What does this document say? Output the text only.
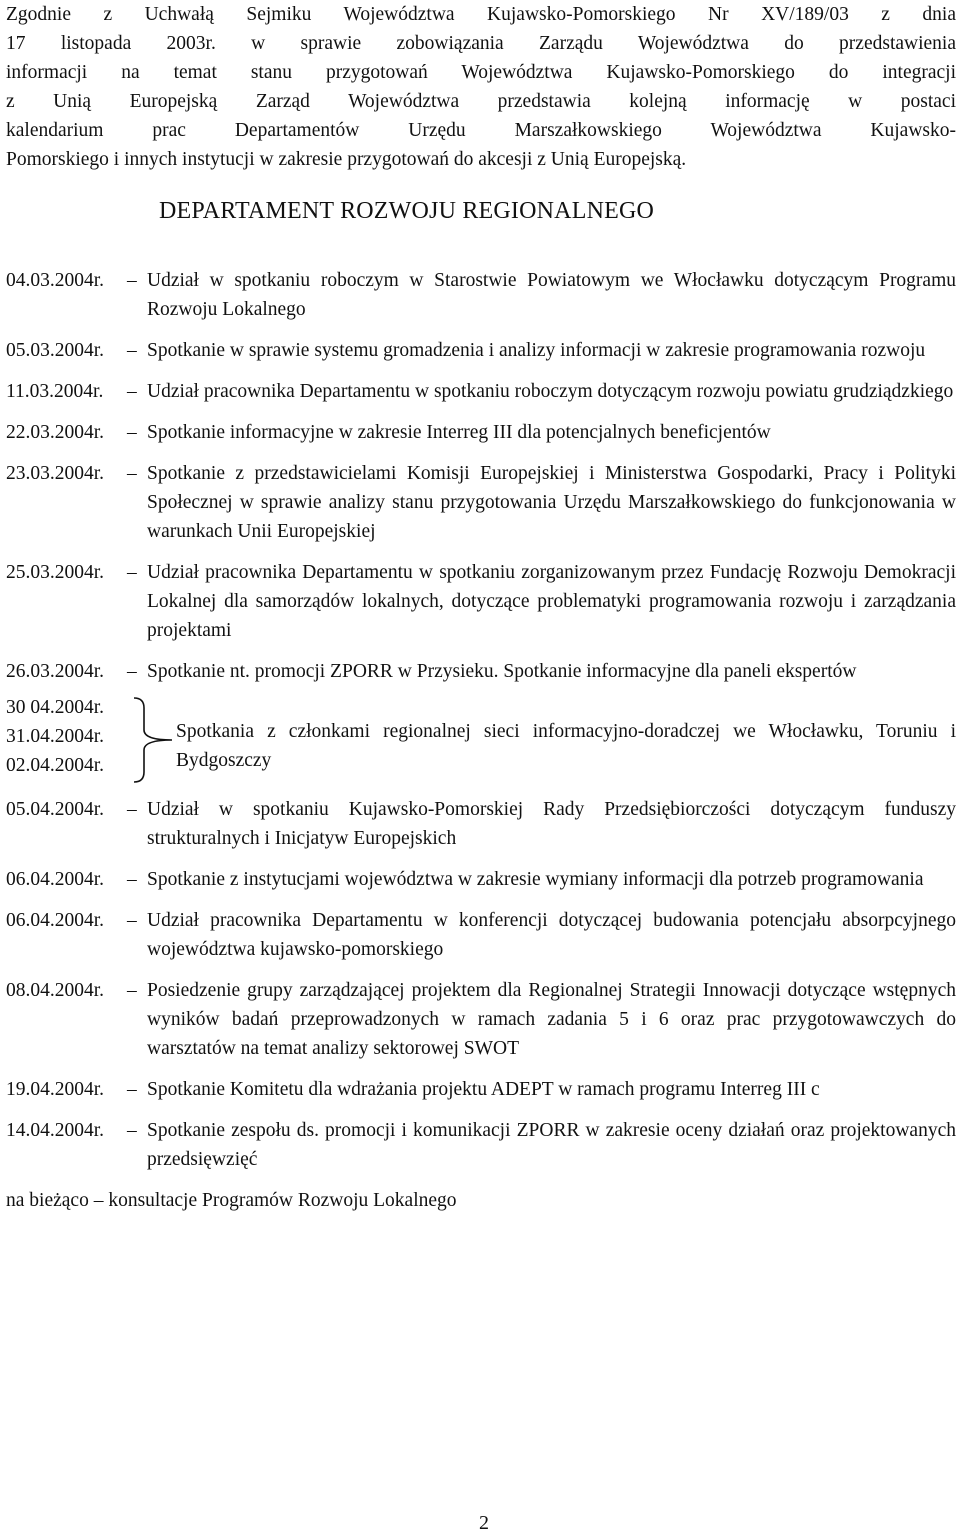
Zgodnie z Uchwałą Sejmiku Województwa Kujawsko-Pomorskiego Nr XV/189/03 z dnia
17 listopada 2003r. w sprawie zobowiązania Zarządu Województwa do przedstawienia
informacji na temat stanu przygotowań Województwa Kujawsko-Pomorskiego do integracji
z Unią Europejską Zarząd Województwa przedstawia kolejną informację w postaci
kalendarium prac Departamentów Urzędu Marszałkowskiego Województwa Kujawsko-
Pomorskiego i innych instytucji w zakresie przygotowań do akcesji z Unią Europejską.
DEPARTAMENT ROZWOJU REGIONALNEGO
04.03.2004r. – Udział w spotkaniu roboczym w Starostwie Powiatowym we Włocławku dotyczącym Programu Rozwoju Lokalnego
05.03.2004r. – Spotkanie w sprawie systemu gromadzenia i analizy informacji w zakresie programowania rozwoju
11.03.2004r. – Udział pracownika Departamentu w spotkaniu roboczym dotyczącym rozwoju powiatu grudziądzkiego
22.03.2004r. – Spotkanie informacyjne w zakresie Interreg III dla potencjalnych beneficjentów
23.03.2004r. – Spotkanie z przedstawicielami Komisji Europejskiej i Ministerstwa Gospodarki, Pracy i Polityki Społecznej w sprawie analizy stanu przygotowania Urzędu Marszałkowskiego do funkcjonowania w warunkach Unii Europejskiej
25.03.2004r. – Udział pracownika Departamentu w spotkaniu zorganizowanym przez Fundację Rozwoju Demokracji Lokalnej dla samorządów lokalnych, dotyczące problematyki programowania rozwoju i zarządzania projektami
26.03.2004r. – Spotkanie nt. promocji ZPORR w Przysieku. Spotkanie informacyjne dla paneli ekspertów
30 04.2004r.
31.04.2004r.
02.04.2004r.
Spotkania z członkami regionalnej sieci informacyjno-doradczej we Włocławku, Toruniu i Bydgoszczy
05.04.2004r. – Udział w spotkaniu Kujawsko-Pomorskiej Rady Przedsiębiorczości dotyczącym funduszy strukturalnych i Inicjatyw Europejskich
06.04.2004r. – Spotkanie z instytucjami województwa w zakresie wymiany informacji dla potrzeb programowania
06.04.2004r. – Udział pracownika Departamentu w konferencji dotyczącej budowania potencjału absorpcyjnego województwa kujawsko-pomorskiego
08.04.2004r. – Posiedzenie grupy zarządzającej projektem dla Regionalnej Strategii Innowacji dotyczące wstępnych wyników badań przeprowadzonych w ramach zadania 5 i 6 oraz prac przygotowawczych do warsztatów na temat analizy sektorowej SWOT
19.04.2004r. – Spotkanie Komitetu dla wdrażania projektu ADEPT w ramach programu Interreg III c
14.04.2004r. – Spotkanie zespołu ds. promocji i komunikacji ZPORR w zakresie oceny działań oraz projektowanych przedsięwzięć
na bieżąco – konsultacje Programów Rozwoju Lokalnego
2
